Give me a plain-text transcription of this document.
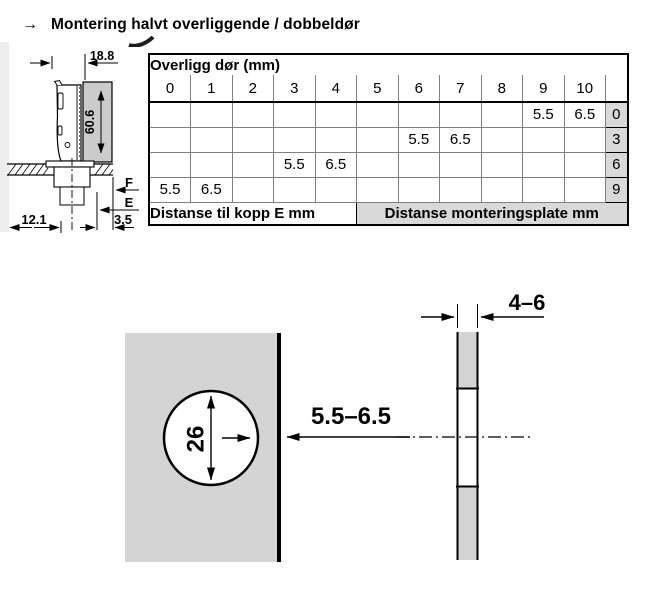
→ Montering halvt overliggende / dobbeldør
18.8
60.6
F
E
12.1	3.5
Overligg dør (mm)											
0	1	2	3	4	5	6	7	8	9	10	
									5.5	6.5	0
						5.5	6.5				3
			5.5	6.5							6
5.5	6.5										9
Distanse til kopp E mm					Distanse monteringsplate mm						
26
5.5–6.5
4–6
